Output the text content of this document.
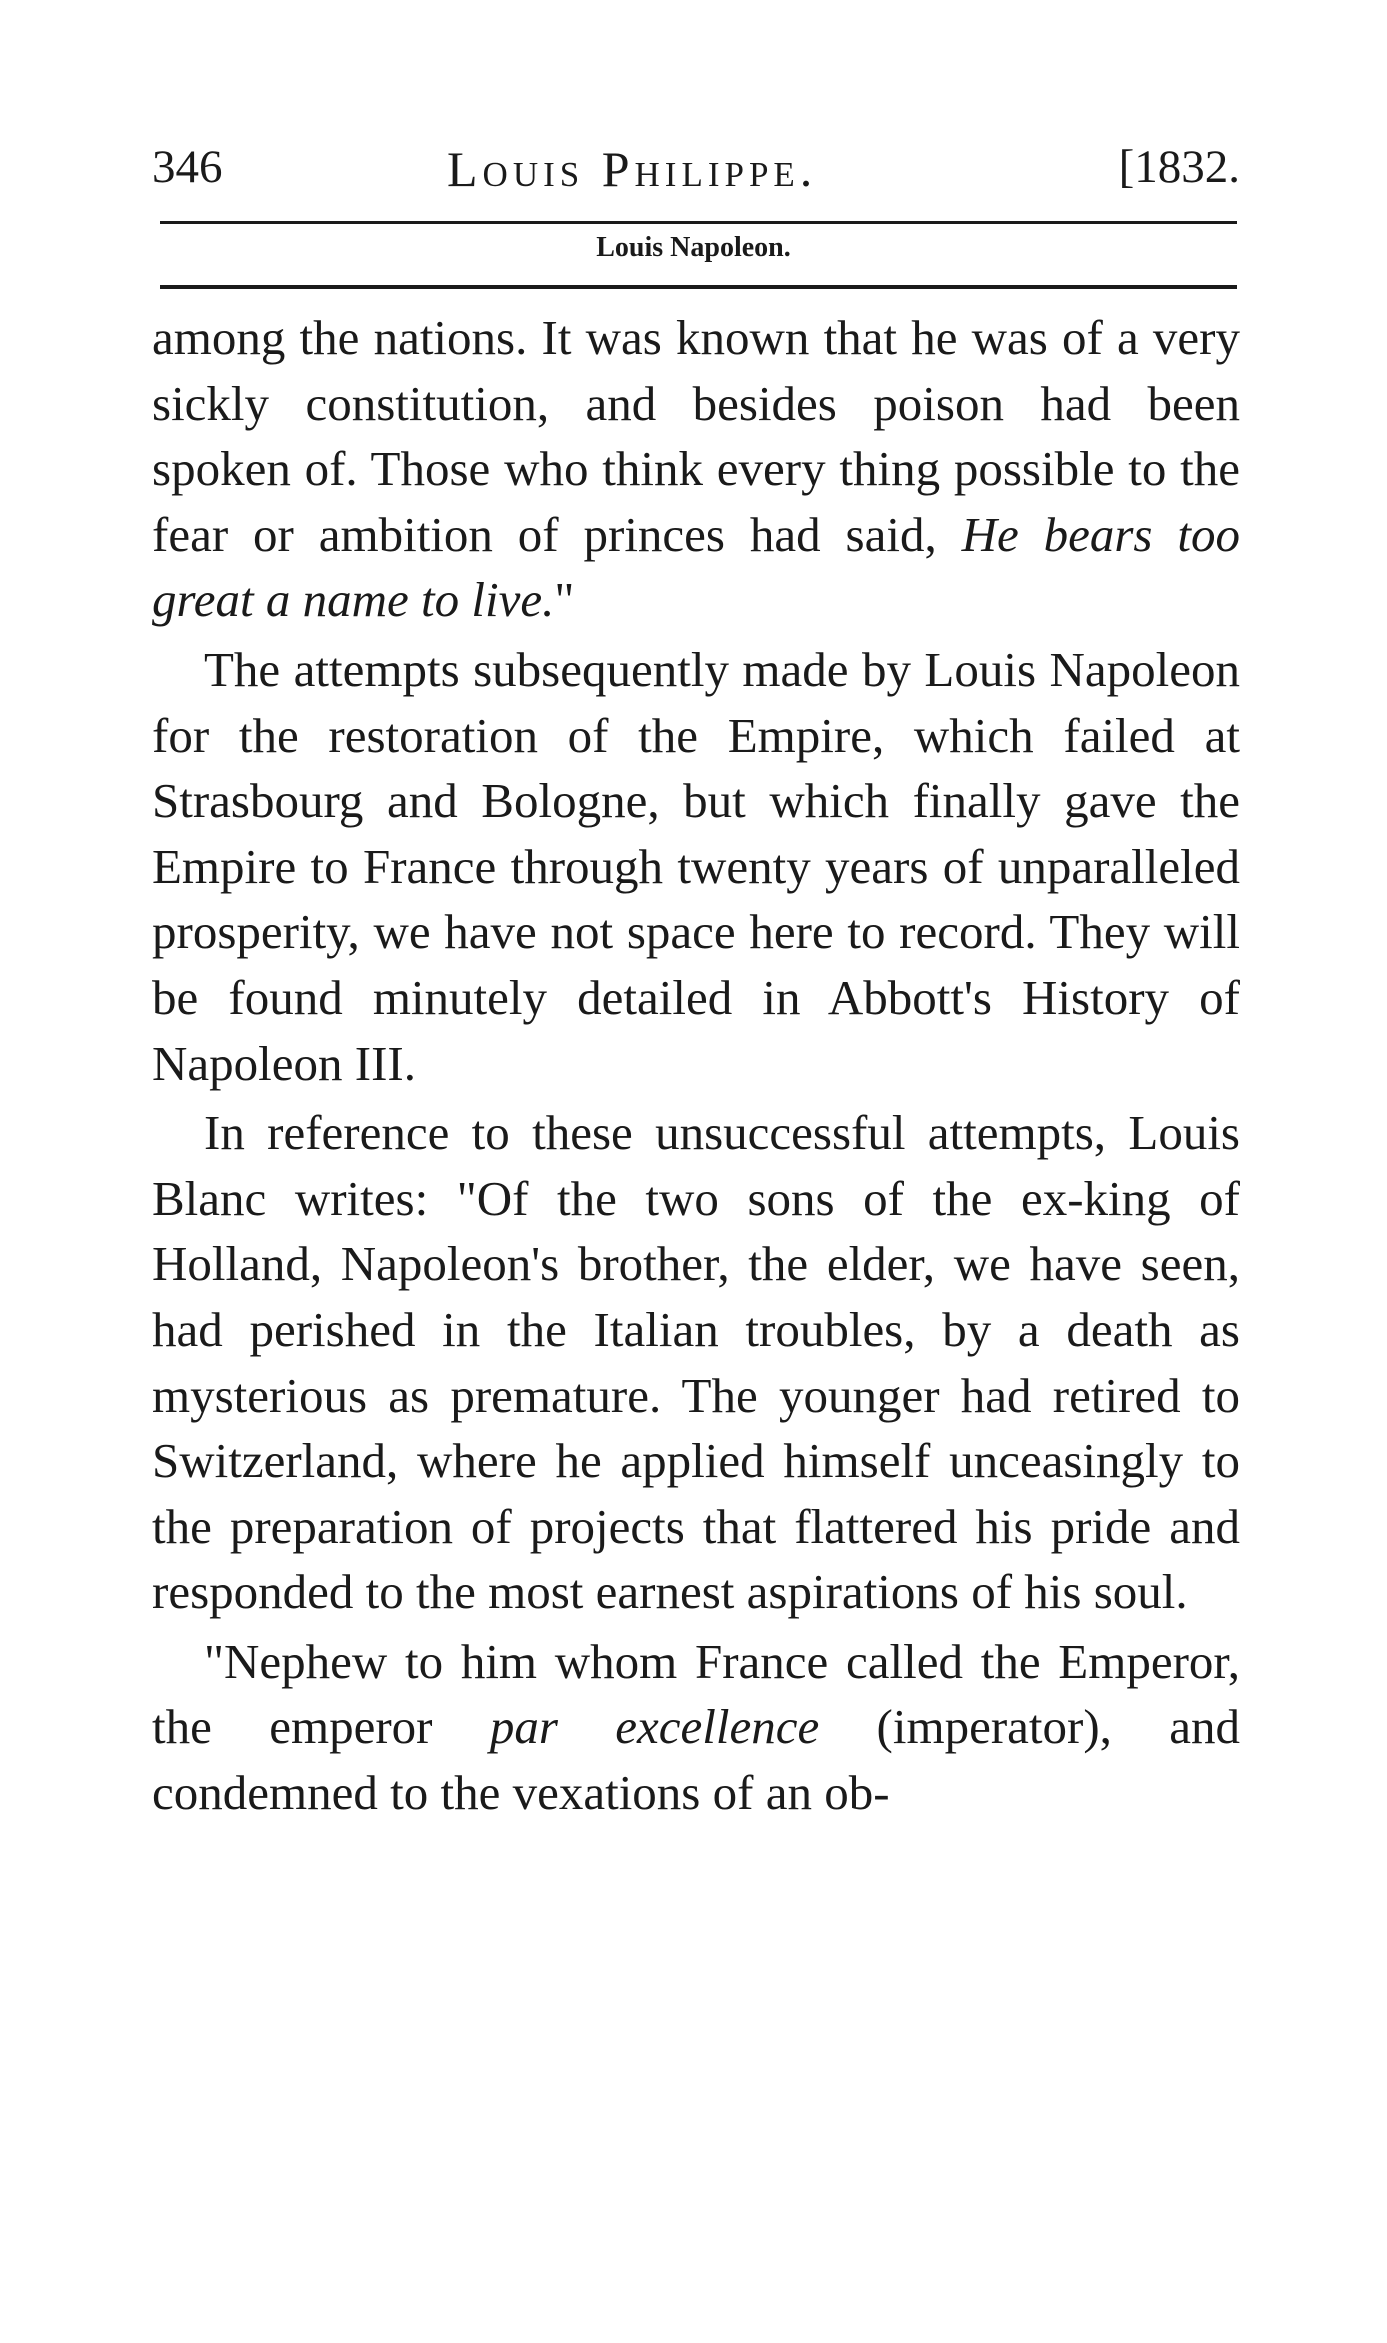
346	Louis Philippe.	[1832.
Louis Napoleon.

among the nations. It was known that he was of a very sickly constitution, and besides poison had been spoken of. Those who think every thing possible to the fear or ambition of princes had said, He bears too great a name to live."

The attempts subsequently made by Louis Napoleon for the restoration of the Empire, which failed at Strasbourg and Bologne, but which finally gave the Empire to France through twenty years of unparalleled prosperity, we have not space here to record. They will be found minutely detailed in Abbott's History of Napoleon III.

In reference to these unsuccessful attempts, Louis Blanc writes: "Of the two sons of the ex-king of Holland, Napoleon's brother, the elder, we have seen, had perished in the Italian troubles, by a death as mysterious as premature. The younger had retired to Switzerland, where he applied himself unceasingly to the preparation of projects that flattered his pride and responded to the most earnest aspirations of his soul.

"Nephew to him whom France called the Emperor, the emperor par excellence (imperator), and condemned to the vexations of an ob-
